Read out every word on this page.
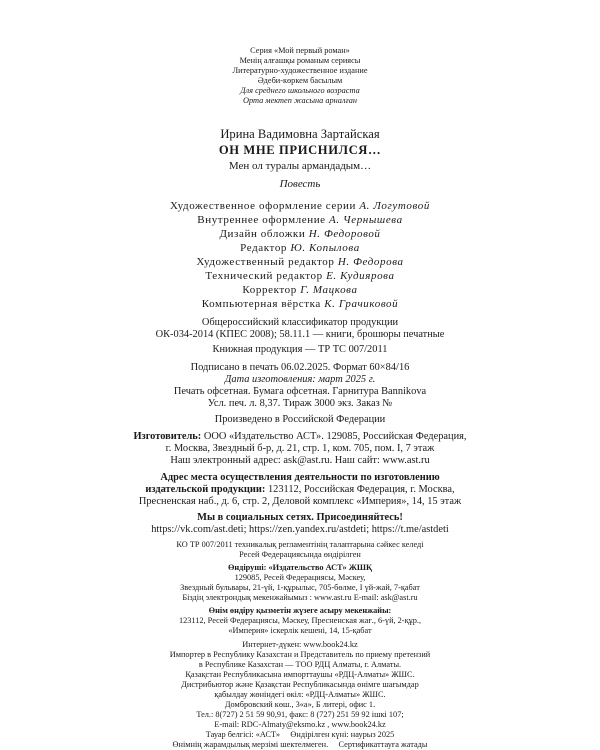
Серия «Мой первый роман»
Менің алғашқы романым сериясы
Литературно-художественное издание
Әдеби-көркем басылым
Для среднего школьного возраста
Орта мектеп жасына арналған
Ирина Вадимовна Зартайская
ОН МНЕ ПРИСНИЛСЯ…
Мен ол туралы армандадым…
Повесть
Художественное оформление серии А. Логутовой
Внутреннее оформление А. Чернышева
Дизайн обложки Н. Федоровой
Редактор Ю. Копылова
Художественный редактор Н. Федорова
Технический редактор Е. Кудиярова
Корректор Г. Мацкова
Компьютерная вёрстка К. Грачиковой
Общероссийский классификатор продукции
ОК-034-2014 (КПЕС 2008); 58.11.1 — книги, брошюры печатные
Книжная продукция — ТР ТС 007/2011
Подписано в печать 06.02.2025. Формат 60×84/16
Дата изготовления: март 2025 г.
Печать офсетная. Бумага офсетная. Гарнитура Bannikova
Усл. печ. л. 8,37. Тираж 3000 экз. Заказ №
Произведено в Российской Федерации
Изготовитель: ООО «Издательство АСТ». 129085, Российская Федерация,
г. Москва, Звездный б-р, д. 21, стр. 1, ком. 705, пом. I, 7 этаж
Наш электронный адрес: ask@ast.ru. Наш сайт: www.ast.ru
Адрес места осуществления деятельности по изготовлению
издательской продукции: 123112, Российская Федерация, г. Москва,
Пресненская наб., д. 6, стр. 2, Деловой комплекс «Империя», 14, 15 этаж
Мы в социальных сетях. Присоединяйтесь!
https://vk.com/ast.deti; https://zen.yandex.ru/astdeti; https://t.me/astdeti
КО ТР 007/2011 техникалық регламентінің талаптарына сәйкес келеді
Ресей Федерациясында өндірілген
Өндіруші: «Издательство АСТ» ЖШҚ
129085, Ресей Федерациясы, Мәскеу,
Звездный бульвары, 21-үй, 1-құрылыс, 705-бөлме, I үй-жай, 7-қабат
Біздің электрондық мекенжайымыз : www.ast.ru E-mail: ask@ast.ru
Өнім өндіру қызметін жүзеге асыру мекенжайы:
123112, Ресей Федерациясы, Мәскеу, Пресненская жағ., 6-үй, 2-құр.,
«Империя» іскерлік кешені, 14, 15-қабат
Интернет-дүкен: www.book24.kz
Импортер в Республику Казахстан и Представитель по приему претензий
в Республике Казахстан — ТОО РДЦ Алматы, г. Алматы.
Қазақстан Республикасына импорттаушы «РДЦ-Алматы» ЖШС.
Дистрибьютор және Қазақстан Республикасында өнімге шағымдар
қабылдау жөніндегі өкіл: «РДЦ-Алматы» ЖШС.
Домбровский көш., 3«а», Б литері, офис 1.
Тел.: 8(727) 2 51 59 90,91, факс: 8 (727) 251 59 92 ішкі 107;
E-mail: RDC-Almaty@eksmo.kz , www.book24.kz
Тауар белгісі: «АСТ»     Өндірілген күні: наурыз 2025
Өнімнің жарамдылық мерзімі шектелмеген.     Сертификаттауға жатады
